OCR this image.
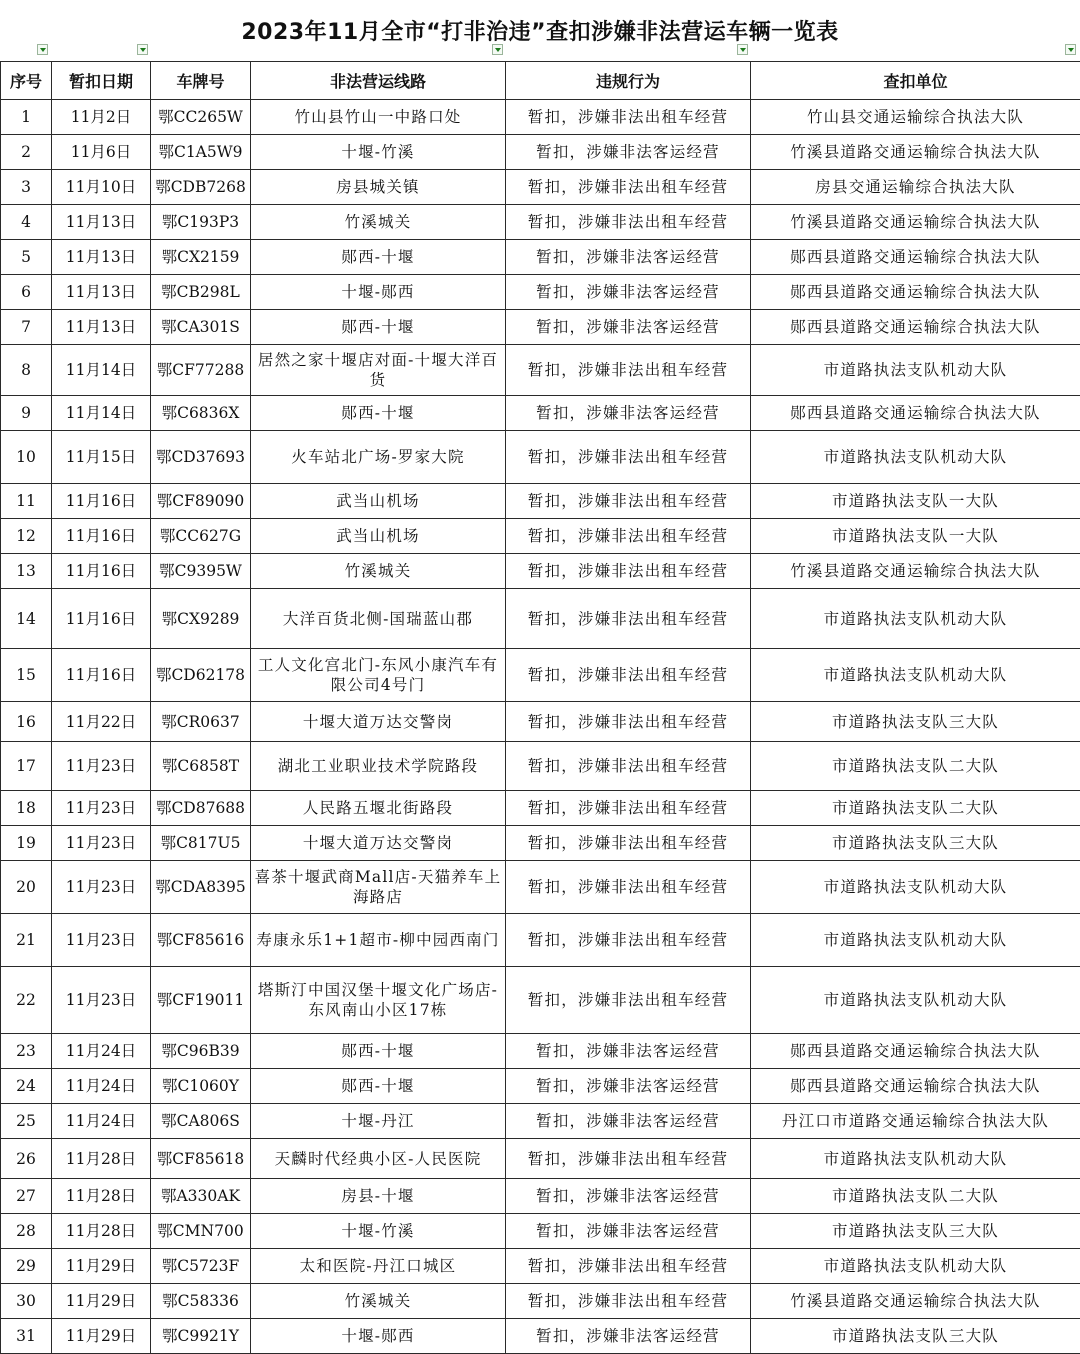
2023年11月全市“打非治违”查扣涉嫌非法营运车辆一览表
序号	暂扣日期	车牌号	非法营运线路	违规行为	查扣单位
1	11月2日	鄂CC265W	竹山县竹山一中路口处	暂扣，涉嫌非法出租车经营	竹山县交通运输综合执法大队
2	11月6日	鄂C1A5W9	十堰-竹溪	暂扣，涉嫌非法客运经营	竹溪县道路交通运输综合执法大队
3	11月10日	鄂CDB7268	房县城关镇	暂扣，涉嫌非法出租车经营	房县交通运输综合执法大队
4	11月13日	鄂C193P3	竹溪城关	暂扣，涉嫌非法出租车经营	竹溪县道路交通运输综合执法大队
5	11月13日	鄂CX2159	郧西-十堰	暂扣，涉嫌非法客运经营	郧西县道路交通运输综合执法大队
6	11月13日	鄂CB298L	十堰-郧西	暂扣，涉嫌非法客运经营	郧西县道路交通运输综合执法大队
7	11月13日	鄂CA301S	郧西-十堰	暂扣，涉嫌非法客运经营	郧西县道路交通运输综合执法大队
8	11月14日	鄂CF77288	居然之家十堰店对面-十堰大洋百货	暂扣，涉嫌非法出租车经营	市道路执法支队机动大队
9	11月14日	鄂C6836X	郧西-十堰	暂扣，涉嫌非法客运经营	郧西县道路交通运输综合执法大队
10	11月15日	鄂CD37693	火车站北广场-罗家大院	暂扣，涉嫌非法出租车经营	市道路执法支队机动大队
11	11月16日	鄂CF89090	武当山机场	暂扣，涉嫌非法出租车经营	市道路执法支队一大队
12	11月16日	鄂CC627G	武当山机场	暂扣，涉嫌非法出租车经营	市道路执法支队一大队
13	11月16日	鄂C9395W	竹溪城关	暂扣，涉嫌非法出租车经营	竹溪县道路交通运输综合执法大队
14	11月16日	鄂CX9289	大洋百货北侧-国瑞蓝山郡	暂扣，涉嫌非法出租车经营	市道路执法支队机动大队
15	11月16日	鄂CD62178	工人文化宫北门-东风小康汽车有限公司4号门	暂扣，涉嫌非法出租车经营	市道路执法支队机动大队
16	11月22日	鄂CR0637	十堰大道万达交警岗	暂扣，涉嫌非法出租车经营	市道路执法支队三大队
17	11月23日	鄂C6858T	湖北工业职业技术学院路段	暂扣，涉嫌非法出租车经营	市道路执法支队二大队
18	11月23日	鄂CD87688	人民路五堰北街路段	暂扣，涉嫌非法出租车经营	市道路执法支队二大队
19	11月23日	鄂C817U5	十堰大道万达交警岗	暂扣，涉嫌非法出租车经营	市道路执法支队三大队
20	11月23日	鄂CDA8395	喜茶十堰武商Mall店-天猫养车上海路店	暂扣，涉嫌非法出租车经营	市道路执法支队机动大队
21	11月23日	鄂CF85616	寿康永乐1+1超市-柳中园西南门	暂扣，涉嫌非法出租车经营	市道路执法支队机动大队
22	11月23日	鄂CF19011	塔斯汀中国汉堡十堰文化广场店-东风南山小区17栋	暂扣，涉嫌非法出租车经营	市道路执法支队机动大队
23	11月24日	鄂C96B39	郧西-十堰	暂扣，涉嫌非法客运经营	郧西县道路交通运输综合执法大队
24	11月24日	鄂C1060Y	郧西-十堰	暂扣，涉嫌非法客运经营	郧西县道路交通运输综合执法大队
25	11月24日	鄂CA806S	十堰-丹江	暂扣，涉嫌非法客运经营	丹江口市道路交通运输综合执法大队
26	11月28日	鄂CF85618	天麟时代经典小区-人民医院	暂扣，涉嫌非法出租车经营	市道路执法支队机动大队
27	11月28日	鄂A330AK	房县-十堰	暂扣，涉嫌非法客运经营	市道路执法支队二大队
28	11月28日	鄂CMN700	十堰-竹溪	暂扣，涉嫌非法客运经营	市道路执法支队三大队
29	11月29日	鄂C5723F	太和医院-丹江口城区	暂扣，涉嫌非法出租车经营	市道路执法支队机动大队
30	11月29日	鄂C58336	竹溪城关	暂扣，涉嫌非法出租车经营	竹溪县道路交通运输综合执法大队
31	11月29日	鄂C9921Y	十堰-郧西	暂扣，涉嫌非法客运经营	市道路执法支队三大队
